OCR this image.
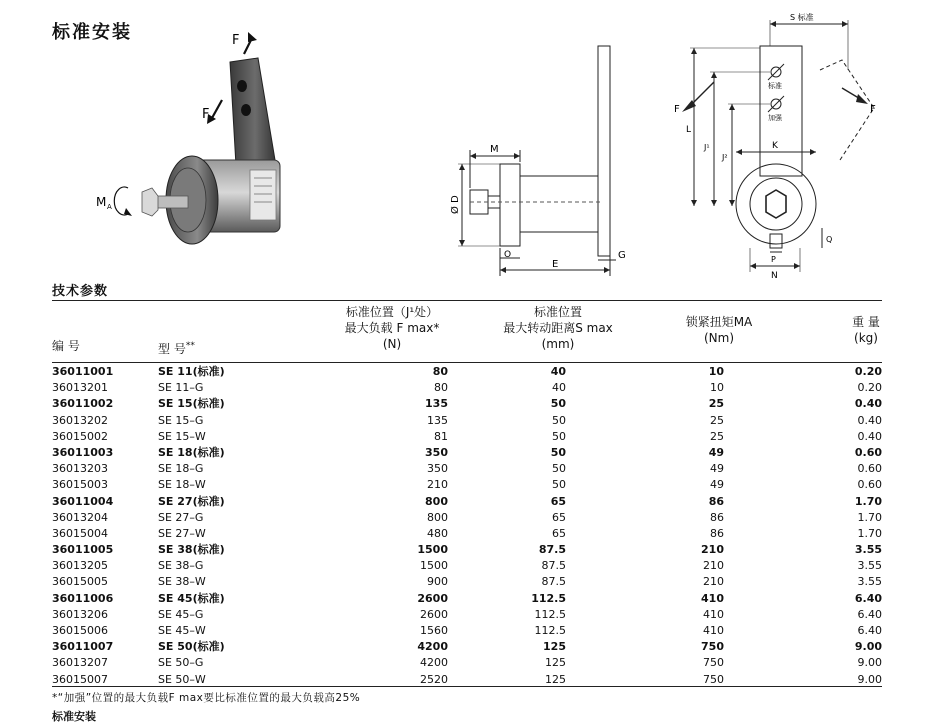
标准安装	F
F
M A
M
Ø D
O
E
G
S 标准
标准
加强
F	F
L
J¹
J²
K
P
Q
N
技术参数
编 号	型 号**
标准位置（J¹处）
最大负载 F max*
(N)
标准位置
最大转动距离S max
(mm)
锁紧扭矩MA
(Nm)
重 量
(kg)
36011001	SE 11(标准)	80	40	10	0.20
36013201	SE 11–G	80	40	10	0.20
36011002	SE 15(标准)	135	50	25	0.40
36013202	SE 15–G	135	50	25	0.40
36015002	SE 15–W	81	50	25	0.40
36011003	SE 18(标准)	350	50	49	0.60
36013203	SE 18–G	350	50	49	0.60
36015003	SE 18–W	210	50	49	0.60
36011004	SE 27(标准)	800	65	86	1.70
36013204	SE 27–G	800	65	86	1.70
36015004	SE 27–W	480	65	86	1.70
36011005	SE 38(标准)	1500	87.5	210	3.55
36013205	SE 38–G	1500	87.5	210	3.55
36015005	SE 38–W	900	87.5	210	3.55
36011006	SE 45(标准)	2600	112.5	410	6.40
36013206	SE 45–G	2600	112.5	410	6.40
36015006	SE 45–W	1560	112.5	410	6.40
36011007	SE 50(标准)	4200	125	750	9.00
36013207	SE 50–G	4200	125	750	9.00
36015007	SE 50–W	2520	125	750	9.00
*“加强”位置的最大负载F max要比标准位置的最大负载高25%
标准安装
